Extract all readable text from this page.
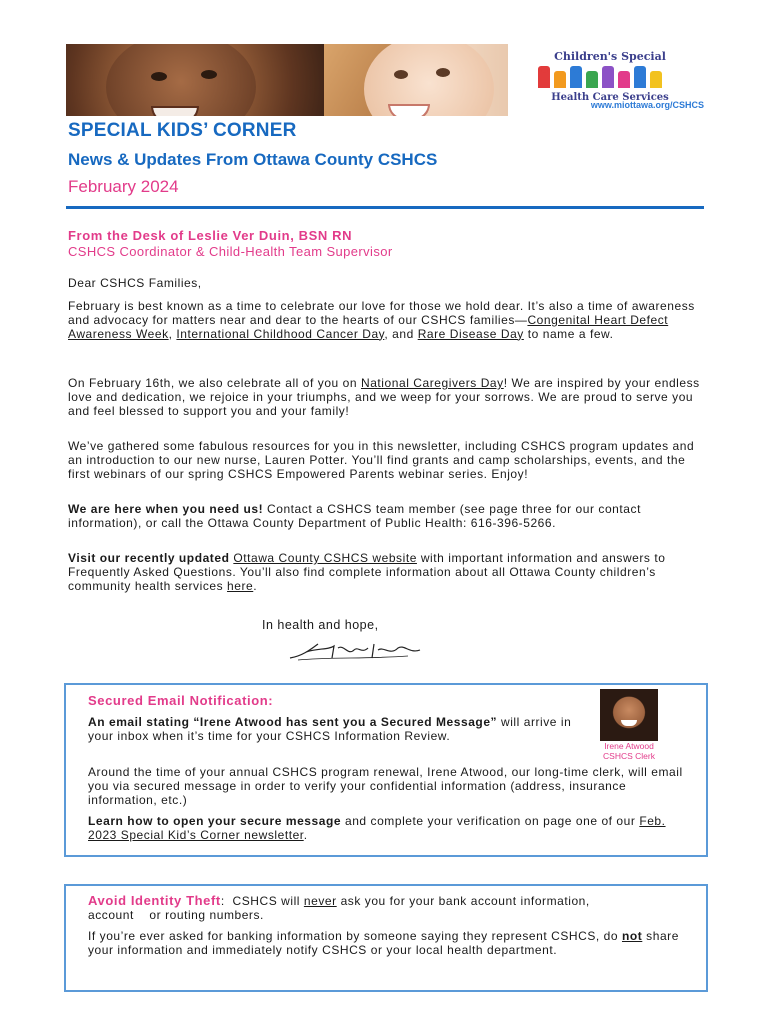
Children's Special
Health Care Services
www.miottawa.org/CSHCS
SPECIAL KIDS’ CORNER
News & Updates From Ottawa County CSHCS
February 2024
From the Desk of Leslie Ver Duin, BSN RN
CSHCS Coordinator & Child-Health Team Supervisor
Dear CSHCS Families,
February is best known as a time to celebrate our love for those we hold dear. It’s also a time of awareness and advocacy for matters near and dear to the hearts of our CSHCS families—Congenital Heart Defect Awareness Week, International Childhood Cancer Day, and Rare Disease Day to name a few.
On February 16th, we also celebrate all of you on National Caregivers Day! We are inspired by your endless love and dedication, we rejoice in your triumphs, and we weep for your sorrows. We are proud to serve you and feel blessed to support you and your family!
We’ve gathered some fabulous resources for you in this newsletter, including CSHCS program updates and an introduction to our new nurse, Lauren Potter. You’ll find grants and camp scholarships, events, and the first webinars of our spring CSHCS Empowered Parents webinar series. Enjoy!
We are here when you need us! Contact a CSHCS team member (see page three for our contact information), or call the Ottawa County Department of Public Health: 616-396-5266.
Visit our recently updated Ottawa County CSHCS website with important information and answers to Frequently Asked Questions. You’ll also find complete information about all Ottawa County children’s community health services here.
In health and hope,
Secured Email Notification:
An email stating “Irene Atwood has sent you a Secured Message” will arrive in your inbox when it’s time for your CSHCS Information Review.
Irene Atwood
CSHCS Clerk
Around the time of your annual CSHCS program renewal, Irene Atwood, our long-time clerk, will email you via secured message in order to verify your confidential information (address, insurance information, etc.)
Learn how to open your secure message and complete your verification on page one of our Feb. 2023 Special Kid’s Corner newsletter.
Avoid Identity Theft:  CSHCS will never ask you for your bank account information, account    or routing numbers.
If you’re ever asked for banking information by someone saying they represent CSHCS, do not share your information and immediately notify CSHCS or your local health department.
